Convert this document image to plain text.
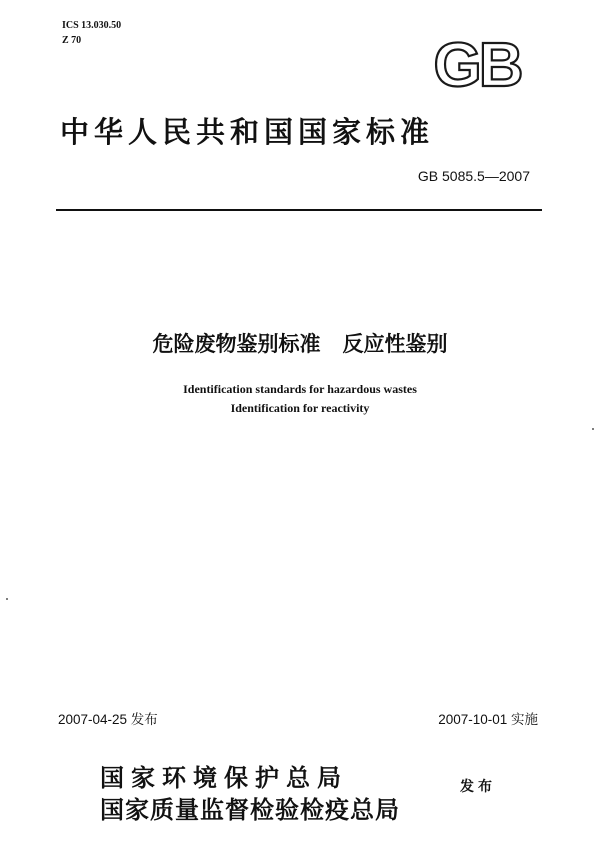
ICS 13.030.50
Z 70	GB
中华人民共和国国家标准
GB 5085.5—2007
危险废物鉴别标准   反应性鉴别
Identification standards for hazardous wastes
Identification for reactivity
2007-04-25 发布	2007-10-01 实施
国家环境保护总局
国家质量监督检验检疫总局
发布
